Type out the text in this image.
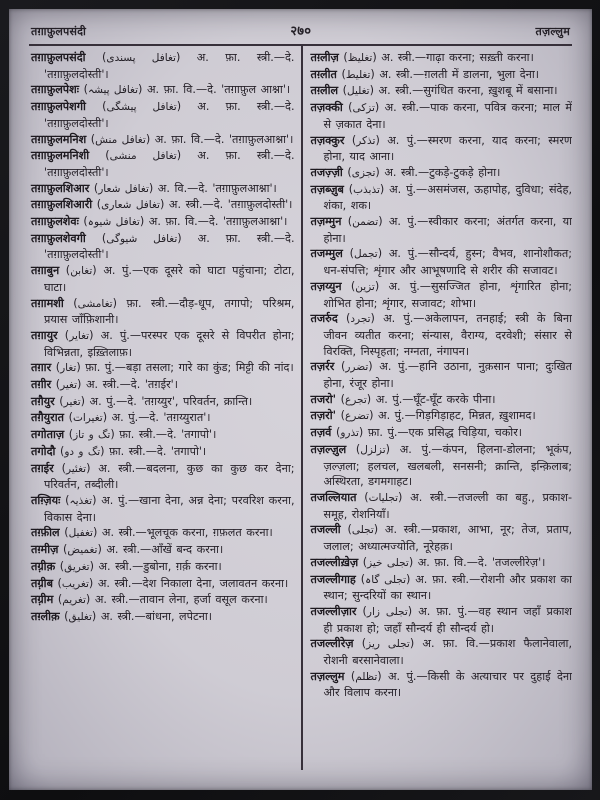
तग़ाफ़ुलपसंदी	२७०	तज़ल्लुम

तग़ाफ़ुलपसंदी (تغافل پسندی) अ. फ़ा. स्त्री.—दे. 'तग़ाफ़ुलदोस्ती'।

तग़ाफ़ुलपेशः (تغافل پیشہ) अ. फ़ा. वि.—दे. 'तग़ाफ़ुल आश्ना'।

तग़ाफ़ुलपेशगी (تغافل پیشگی) अ. फ़ा. स्त्री.—दे. 'तग़ाफ़ुलदोस्ती'।

तग़ाफ़ुलमनिश (تغافل منش) अ. फ़ा. वि.—दे. 'तग़ाफ़ुलआश्ना'।

तग़ाफ़ुलमनिशी (تغافل منشی) अ. फ़ा. स्त्री.—दे. 'तग़ाफ़ुलदोस्ती'।

तग़ाफ़ुलशिआर (تغافل شعار) अ. वि.—दे. 'तग़ाफ़ुलआश्ना'।

तग़ाफ़ुलशिआरी (تغافل شعاری) अ. स्त्री.—दे. 'तग़ाफ़ुलदोस्ती'।

तग़ाफ़ुलशेवः (تغافل شیوہ) अ. फ़ा. वि.—दे. 'तग़ाफ़ुलआश्ना'।

तग़ाफ़ुलशेवगी (تغافل شیوگی) अ. फ़ा. स्त्री.—दे. 'तग़ाफ़ुलदोस्ती'।

तग़ाबुन (تغابن) अ. पुं.—एक दूसरे को घाटा पहुंचाना; टोटा, घाटा।

तग़ामशी (تغامشی) फ़ा. स्त्री.—दौड़-धूप, तगापो; परिश्रम, प्रयास जाँफ़िशानी।

तग़ायुर (تغایر) अ. पुं.—परस्पर एक दूसरे से विपरीत होना; विभिन्नता, इख़्तिलाफ़।

तग़ार (تغار) फ़ा. पुं.—बड़ा तसला; गारे का कुंड; मिट्टी की नांद।

तग़ीर (تغیر) अ. स्त्री.—दे. 'तग़ईर'।

तग़ैयुर (تغیر) अ. पुं.—दे. 'तग़य्युर', परिवर्तन, क्रान्ति।

तग़ैयुरात (تغیرات) अ. पुं.—दे. 'तग़य्युरात'।

तगोताज़ (تگ و تاز) फ़ा. स्त्री.—दे. 'तगापो'।

तगोदौ (تگ و دو) फ़ा. स्त्री.—दे. 'तगापो'।

तग़ईर (تغئیر) अ. स्त्री.—बदलना, कुछ का कुछ कर देना; परिवर्तन, तब्दीली।

तग़्ज़ियः (تغذیہ) अ. पुं.—खाना देना, अन्न देना; परवरिश करना, विकास देना।

तग़्फ़ील (تغفیل) अ. स्त्री.—भूलचूक करना, ग़फ़लत करना।

तग़्मीज़ (تغمیض) अ. स्त्री.—आँखें बन्द करना।

तग़्रीक़ (تغریق) अ. स्त्री.—डुबोना, ग़र्क़ करना।

तग़्रीब (تغریب) अ. स्त्री.—देश निकाला देना, जलावतन करना।

तग़्रीम (تغریم) अ. स्त्री.—तावान लेना, हर्जा वसूल करना।

तग़्लीक़ (تغلیق) अ. स्त्री.—बांधना, लपेटना।

तग़्लीज़ (تغلیظ) अ. स्त्री.—गाढ़ा करना; सख़्ती करना।

तग़्लीत (تغلیط) अ. स्त्री.—ग़लती में डालना, भुला देना।

तग़्लील (تغلیل) अ. स्त्री.—सुगंधित करना, ख़ुशबू में बसाना।

तज़क्की (تزکی) अ. स्त्री.—पाक करना, पवित्र करना; माल में से ज़कात देना।

तज़क्कुर (تذکر) अ. पुं.—स्मरण करना, याद करना; स्मरण होना, याद आना।

तजज़्ज़ी (تجزی) अ. स्त्री.—टुकड़े-टुकड़े होना।

तज़ब्ज़ुब (تذبذب) अ. पुं.—असमंजस, ऊहापोह, दुविधा; संदेह, शंका, शक।

तज़म्मुन (تضمن) अ. पुं.—स्वीकार करना; अंतर्गत करना, या होना।

तजम्मुल (تجمل) अ. पुं.—सौन्दर्य, हुस्न; वैभव, शानोशौकत; धन-संपत्ति; शृंगार और आभूषणादि से शरीर की सजावट।

तज़य्युन (تزین) अ. पुं.—सुसज्जित होना, शृंगारित होना; शोभित होना; शृंगार, सजावट; शोभा।

तजर्रुद (تجرد) अ. पुं.—अकेलापन, तनहाई; स्त्री के बिना जीवन व्यतीत करना; संन्यास, वैराग्य, दरवेशी; संसार से विरक्ति, निस्पृहता; नग्नता, नंगापन।

तज़र्रर (تضرر) अ. पुं.—हानि उठाना, नुक़सान पाना; दुःखित होना, रंजूर होना।

तजरो' (تجرع) अ. पुं.—घूँट-घूँट करके पीना।

तज़रो' (تضرع) अ. पुं.—गिड़गिड़ाहट, मिन्नत, ख़ुशामद।

तज़र्व (تذرو) फ़ा. पुं.—एक प्रसिद्ध चिड़िया, चकोर।

तज़ल्ज़ुल (تزلزل) अ. पुं.—कंपन, हिलना-डोलना; भूकंप, ज़ल्ज़ला; हलचल, खलबली, सनसनी; क्रान्ति, इन्क़िलाब; अस्थिरता, डगमगाहट।

तजल्लियात (تجلیات) अ. स्त्री.—तजल्ली का बहु., प्रकाश-समूह, रोशनियाँ।

तजल्ली (تجلی) अ. स्त्री.—प्रकाश, आभा, नूर; तेज, प्रताप, जलाल; अध्यात्मज्योति, नूरेहक़।

तजल्लीख़ेज़ (تجلی خیز) अ. फ़ा. वि.—दे. 'तजल्लीरेज़'।

तजल्लीगाह (تجلی گاہ) अ. फ़ा. स्त्री.—रोशनी और प्रकाश का स्थान; सुन्दरियों का स्थान।

तजल्लीज़ार (تجلی زار) अ. फ़ा. पुं.—वह स्थान जहाँ प्रकाश ही प्रकाश हो; जहाँ सौन्दर्य ही सौन्दर्य हो।

तजल्लीरेज़ (تجلی ریز) अ. फ़ा. वि.—प्रकाश फैलानेवाला, रोशनी बरसानेवाला।

तज़ल्लुम (تظلم) अ. पुं.—किसी के अत्याचार पर दुहाई देना और विलाप करना।
